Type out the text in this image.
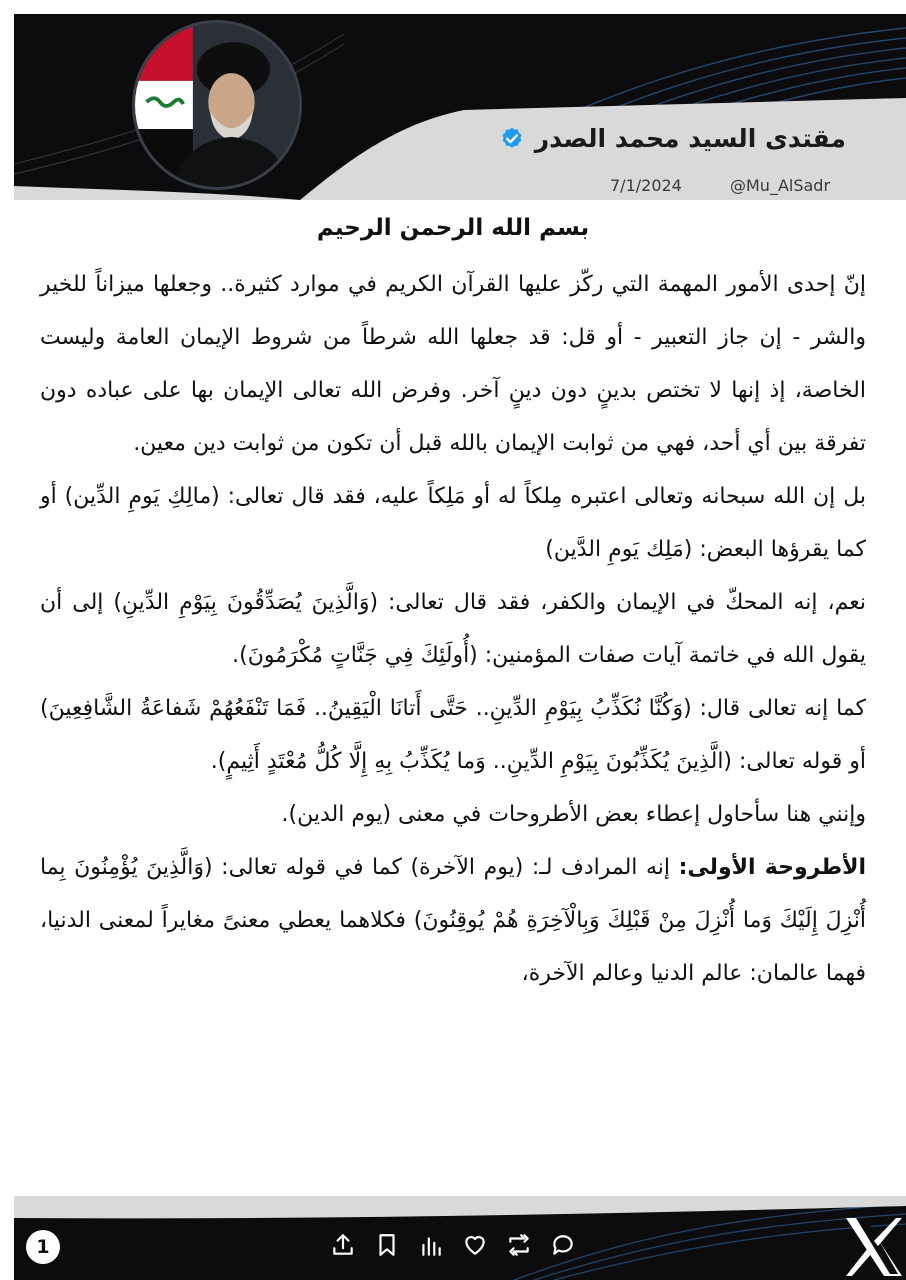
مقتدى السيد محمد الصدر
@Mu_AlSadr
7/1/2024
بسم الله الرحمن الرحيم

إنّ إحدى الأمور المهمة التي ركّز عليها القرآن الكريم في موارد كثيرة.. وجعلها ميزاناً للخير والشر - إن جاز التعبير - أو قل: قد جعلها الله شرطاً من شروط الإيمان العامة وليست الخاصة، إذ إنها لا تختص بدينٍ دون دينٍ آخر. وفرض الله تعالى الإيمان بها على عباده دون تفرقة بين أي أحد، فهي من ثوابت الإيمان بالله قبل أن تكون من ثوابت دين معين.

بل إن الله سبحانه وتعالى اعتبره مِلكاً له أو مَلِكاً عليه، فقد قال تعالى: (مالِكِ يَومِ الدِّين) أو كما يقرؤها البعض: (مَلِك يَومِ الدَّين)

نعم، إنه المحكّ في الإيمان والكفر، فقد قال تعالى: (وَالَّذِينَ يُصَدِّقُونَ بِيَوْمِ الدِّينِ) إلى أن يقول الله في خاتمة آيات صفات المؤمنين: (أُولَئِكَ فِي جَنَّاتٍ مُكْرَمُونَ).

كما إنه تعالى قال: (وَكُنَّا نُكَذِّبُ بِيَوْمِ الدِّينِ.. حَتَّى أَتانَا الْيَقِينُ.. فَمَا تَنْفَعُهُمْ شَفاعَةُ الشَّافِعِينَ) أو قوله تعالى: (الَّذِينَ يُكَذِّبُونَ بِيَوْمِ الدِّينِ.. وَما يُكَذِّبُ بِهِ إِلَّا كُلُّ مُعْتَدٍ أَثِيمٍ).

وإنني هنا سأحاول إعطاء بعض الأطروحات في معنى (يوم الدين).

الأطروحة الأولى: إنه المرادف لـ: (يوم الآخرة) كما في قوله تعالى: (وَالَّذِينَ يُؤْمِنُونَ بِما أُنْزِلَ إِلَيْكَ وَما أُنْزِلَ مِنْ قَبْلِكَ وَبِالْآخِرَةِ هُمْ يُوقِنُونَ) فكلاهما يعطي معنىً مغايراً لمعنى الدنيا، فهما عالمان: عالم الدنيا وعالم الآخرة،

1
